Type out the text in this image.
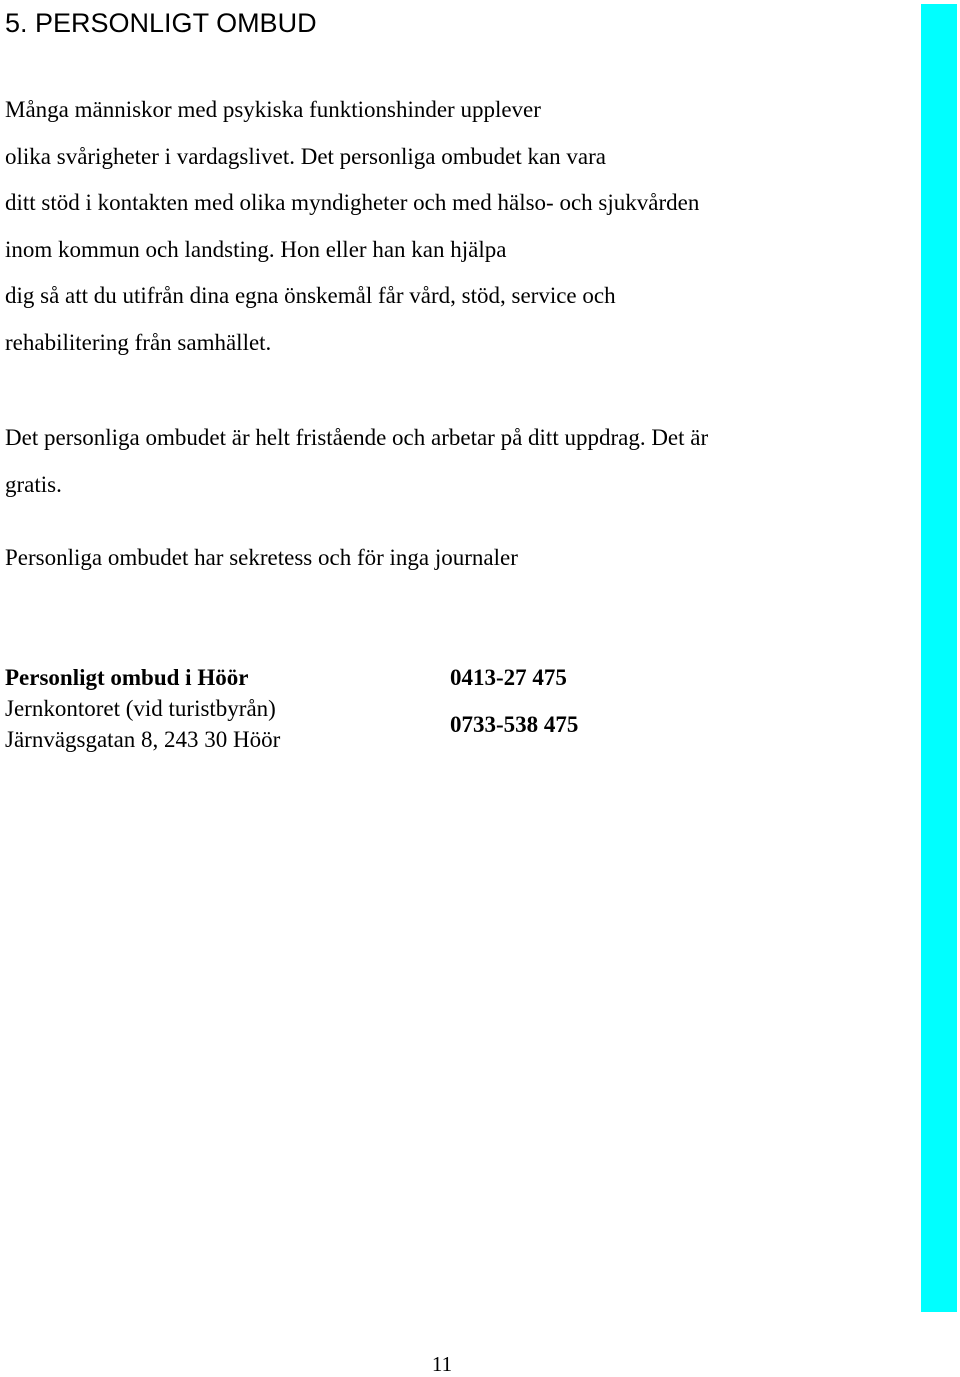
5. PERSONLIGT OMBUD
Många människor med psykiska funktionshinder upplever
olika svårigheter i vardagslivet. Det personliga ombudet kan vara
ditt stöd i kontakten med olika myndigheter och med hälso- och sjukvården
inom kommun och landsting. Hon eller han kan hjälpa
dig så att du utifrån dina egna önskemål får vård, stöd, service och
rehabilitering från samhället.
Det personliga ombudet är helt fristående och arbetar på ditt uppdrag. Det är
gratis.
Personliga ombudet har sekretess och för inga journaler
Personligt ombud i Höör
Jernkontoret (vid turistbyrån)
Järnvägsgatan 8, 243 30 Höör
0413-27 475
0733-538 475
11
